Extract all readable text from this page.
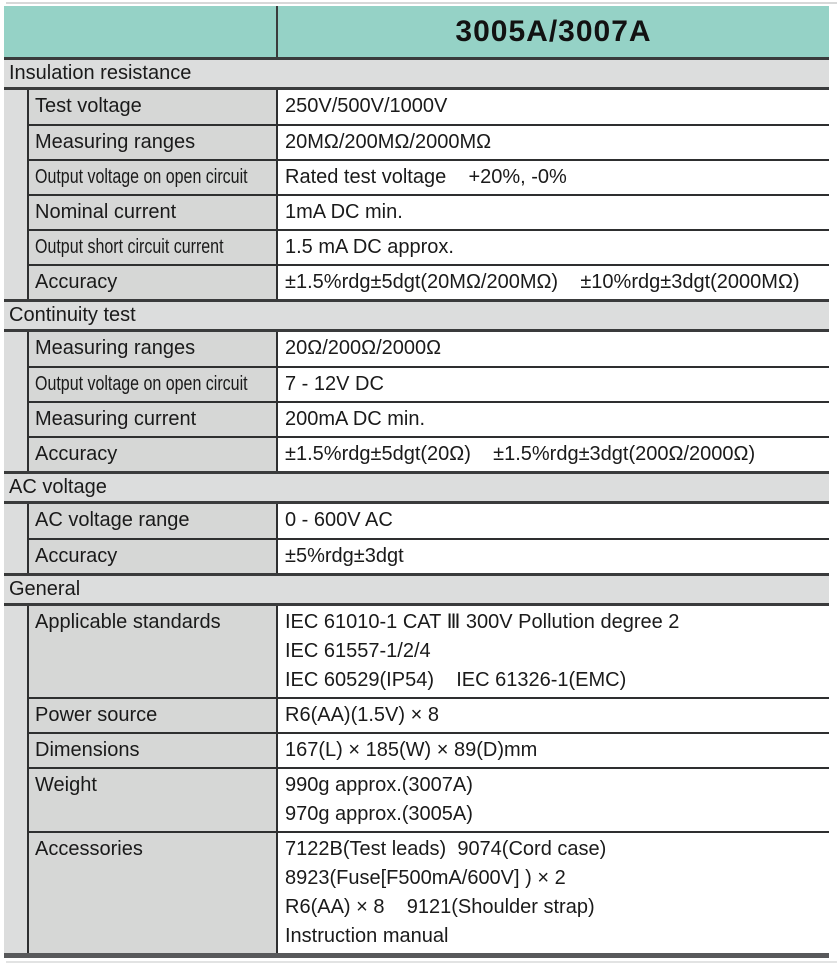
3005A/3007A
Insulation resistance
Test voltage	250V/500V/1000V
Measuring ranges	20MΩ/200MΩ/2000MΩ
Output voltage on open circuit	Rated test voltage    +20%, -0%
Nominal current	1mA DC min.
Output short circuit current	1.5 mA DC approx.
Accuracy	±1.5%rdg±5dgt(20MΩ/200MΩ)    ±10%rdg±3dgt(2000MΩ)
Continuity test
Measuring ranges	20Ω/200Ω/2000Ω
Output voltage on open circuit	7 - 12V DC
Measuring current	200mA DC min.
Accuracy	±1.5%rdg±5dgt(20Ω)    ±1.5%rdg±3dgt(200Ω/2000Ω)
AC voltage
AC voltage range	0 - 600V AC
Accuracy	±5%rdg±3dgt
General
Applicable standards	IEC 61010-1 CAT Ⅲ 300V Pollution degree 2
IEC 61557-1/2/4
IEC 60529(IP54)    IEC 61326-1(EMC)
Power source	R6(AA)(1.5V) × 8
Dimensions	167(L) × 185(W) × 89(D)mm
Weight	990g approx.(3007A)
970g approx.(3005A)
Accessories	7122B(Test leads)  9074(Cord case)
8923(Fuse[F500mA/600V] ) × 2
R6(AA) × 8    9121(Shoulder strap)
Instruction manual
